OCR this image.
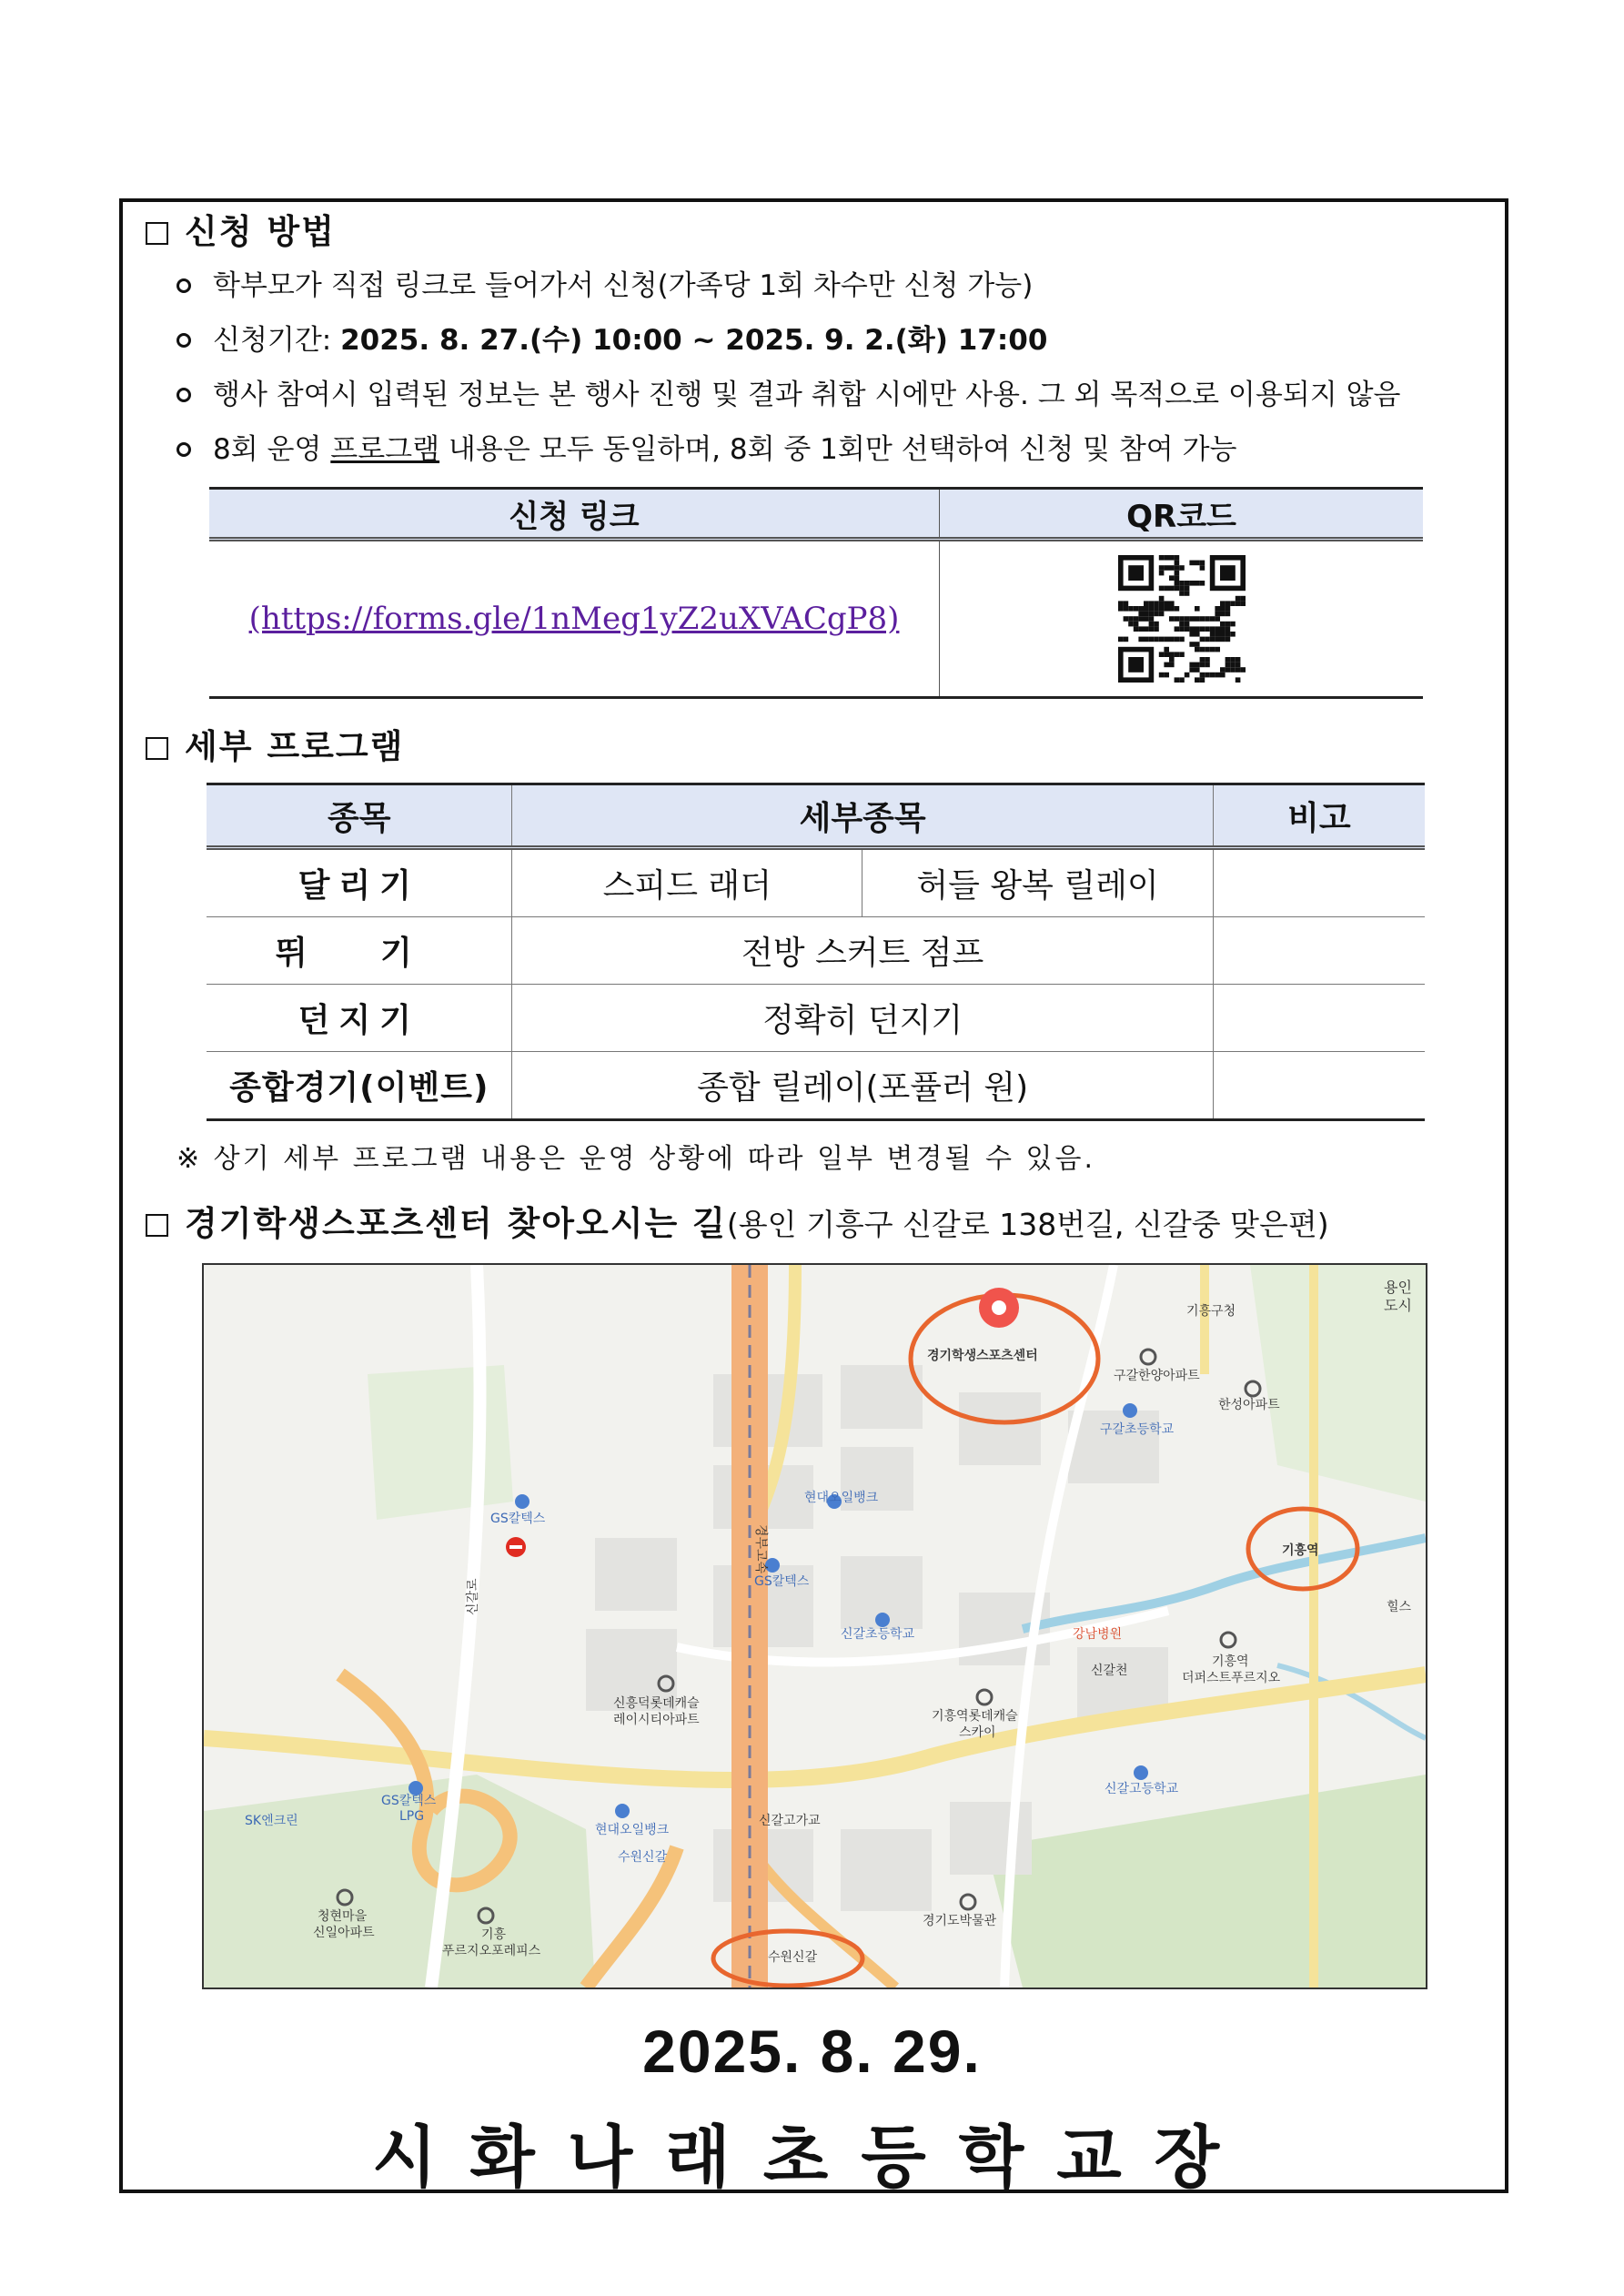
신청 방법
학부모가 직접 링크로 들어가서 신청(가족당 1회 차수만 신청 가능)
신청기간: 2025. 8. 27.(수) 10:00 ~ 2025. 9. 2.(화) 17:00
행사 참여시 입력된 정보는 본 행사 진행 및 결과 취합 시에만 사용. 그 외 목적으로 이용되지 않음
8회 운영 프로그램 내용은 모두 동일하며, 8회 중 1회만 선택하여 신청 및 참여 가능
신청 링크	QR코드
(https://forms.gle/1nMeg1yZ2uXVACgP8)	
세부 프로그램
종목	세부종목		비고
달리기	스피드 래더	허들 왕복 릴레이	
뛰 기	전방 스커트 점프		
던지기	정확히 던지기		
종합경기(이벤트)	종합 릴레이(포퓰러 원)		
※ 상기 세부 프로그램 내용은 운영 상황에 따라 일부 변경될 수 있음.
경기학생스포츠센터 찾아오시는 길(용인 기흥구 신갈로 138번길, 신갈중 맞은편)
경기학생스포츠센터
기흥구청
용인
도시
구갈한양아파트
한성아파트
구갈초등학교
현대오일뱅크
GS칼텍스
GS칼텍스
기흥역
힐스
신갈초등학교	강남병원
신갈천
기흥역
더퍼스트푸르지오
신흥덕롯데캐슬
레이시티아파트	기흥역롯데캐슬
스카이
GS칼텍스
LPG
SK엔크린
현대오일뱅크
신갈고가교
신갈고등학교
수원신갈
수원신갈
경기도박물관
청현마을
신일아파트	기흥
푸르지오포레피스
경부고속
신갈로
2025. 8. 29.
시화나래초등학교장
